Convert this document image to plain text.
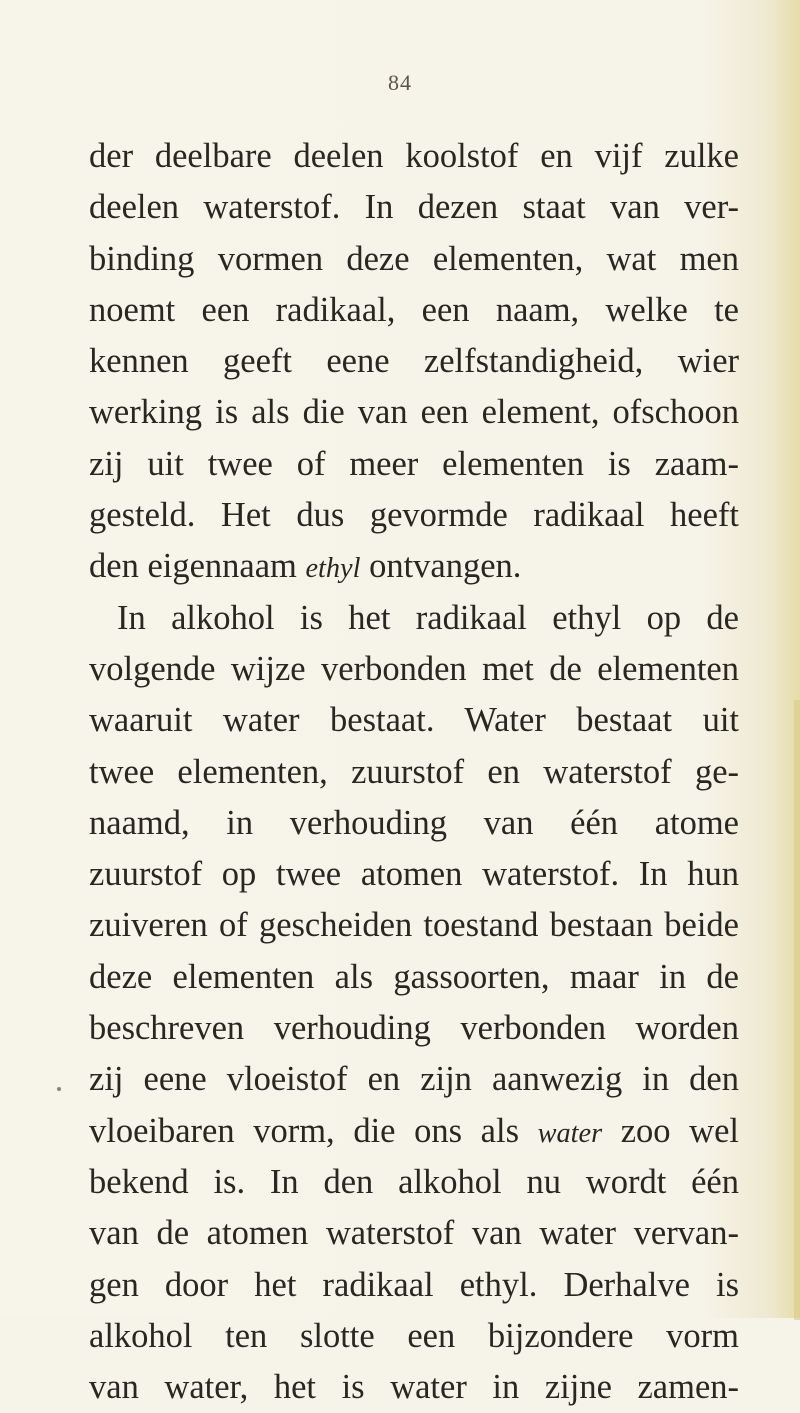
84
der deelbare deelen koolstof en vijf zulke
deelen waterstof. In dezen staat van ver-
binding vormen deze elementen, wat men
noemt een radikaal, een naam, welke te
kennen geeft eene zelfstandigheid, wier
werking is als die van een element, ofschoon
zij uit twee of meer elementen is zaam-
gesteld. Het dus gevormde radikaal heeft
den eigennaam ethyl ontvangen.
In alkohol is het radikaal ethyl op de
volgende wijze verbonden met de elementen
waaruit water bestaat. Water bestaat uit
twee elementen, zuurstof en waterstof ge-
naamd, in verhouding van één atome
zuurstof op twee atomen waterstof. In hun
zuiveren of gescheiden toestand bestaan beide
deze elementen als gassoorten, maar in de
beschreven verhouding verbonden worden
zij eene vloeistof en zijn aanwezig in den
vloeibaren vorm, die ons als water zoo wel
bekend is. In den alkohol nu wordt één
van de atomen waterstof van water vervan-
gen door het radikaal ethyl. Derhalve is
alkohol ten slotte een bijzondere vorm
van water, het is water in zijne zamen-
